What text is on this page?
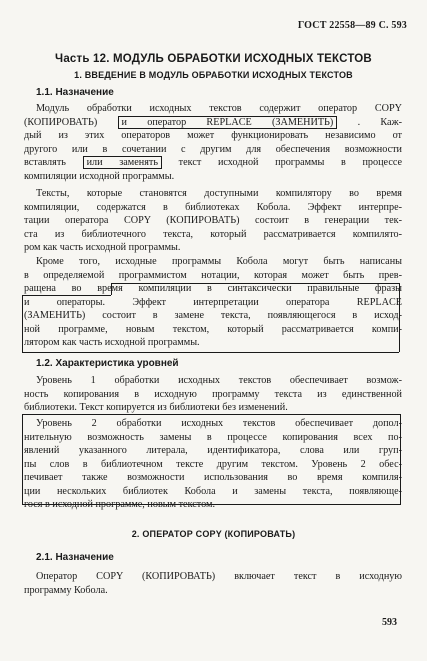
ГОСТ 22558—89 С. 593
Часть 12. МОДУЛЬ ОБРАБОТКИ ИСХОДНЫХ ТЕКСТОВ
1. ВВЕДЕНИЕ В МОДУЛЬ ОБРАБОТКИ ИСХОДНЫХ ТЕКСТОВ
1.1. Назначение
Модуль обработки исходных текстов содержит оператор COPY
(КОПИРОВАТЬ) и оператор REPLACE (ЗАМЕНИТЬ) . Каж-
дый из этих операторов может функционировать независимо от
другого или в сочетании с другим для обеспечения возможности
вставлять или заменять текст исходной программы в процессе
компиляции исходной программы.
Тексты, которые становятся доступными компилятору во время
компиляции, содержатся в библиотеках Кобола. Эффект интерпре-
тации оператора COPY (КОПИРОВАТЬ) состоит в генерации тек-
ста из библиотечного текста, который рассматривается компилято-
ром как часть исходной программы.
Кроме того, исходные программы Кобола могут быть написаны
в определяемой программистом нотации, которая может быть прев-
ращена во время компиляции в синтаксически правильные фразы
и операторы.	Эффект интерпретации оператора REPLACE
(ЗАМЕНИТЬ) состоит в замене текста, появляющегося в исход-
ной программе, новым текстом, который рассматривается компи-
лятором как часть исходной программы.
1.2. Характеристика уровней
Уровень 1 обработки исходных текстов обеспечивает возмож-
ность копирования в исходную программу текста из единственной
библиотеки. Текст копируется из библиотеки без изменений.
Уровень 2 обработки исходных текстов обеспечивает допол-
нительную возможность замены в процессе копирования всех по-
явлений указанного литерала, идентификатора, слова или груп-
пы слов в библиотечном тексте другим текстом. Уровень 2 обес-
печивает также возможности использования во время компиля-
ции нескольких библиотек Кобола и замены текста, появляюще-
гося в исходной программе, новым текстом.
2. ОПЕРАТОР COPY (КОПИРОВАТЬ)
2.1. Назначение
Оператор COPY (КОПИРОВАТЬ) включает текст в исходную
программу Кобола.
593
